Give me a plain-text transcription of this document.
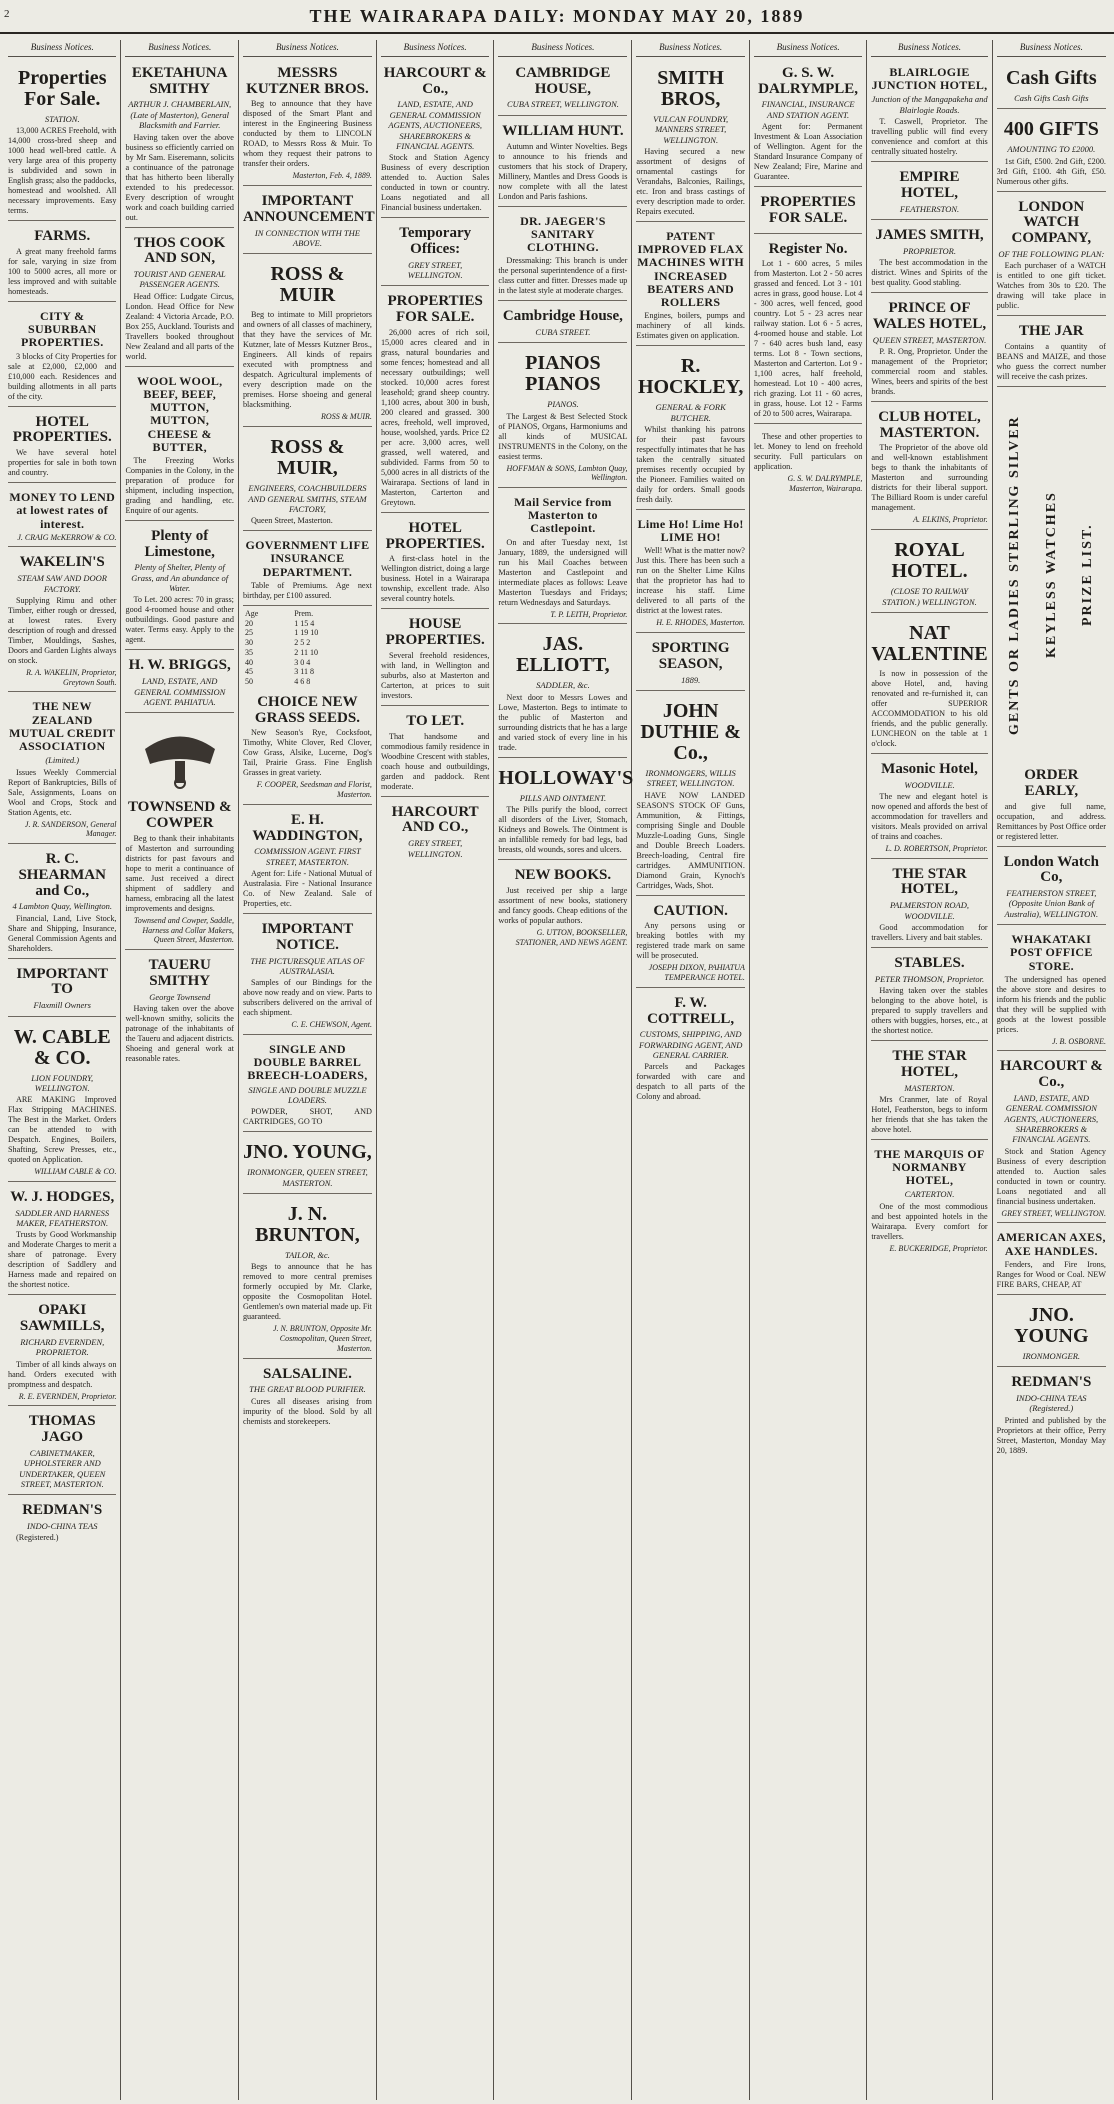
2	THE WAIRARAPA DAILY: MONDAY MAY 20, 1889
Business Notices.
Properties For Sale.
STATION.
13,000 ACRES Freehold, with 14,000 cross-bred sheep and 1000 head well-bred cattle. A very large area of this property is subdivided and sown in English grass; also the paddocks, homestead and woolshed. All necessary improvements. Easy terms.
FARMS.
A great many freehold farms for sale, varying in size from 100 to 5000 acres, all more or less improved and with suitable homesteads.
CITY & SUBURBAN PROPERTIES.
3 blocks of City Properties for sale at £2,000, £2,000 and £10,000 each. Residences and building allotments in all parts of the city.
HOTEL PROPERTIES.
We have several hotel properties for sale in both town and country.
MONEY TO LEND at lowest rates of interest.
J. CRAIG McKERROW & CO.
WAKELIN'S
STEAM SAW AND DOOR FACTORY.
Supplying Rimu and other Timber, either rough or dressed, at lowest rates. Every description of rough and dressed Timber, Mouldings, Sashes, Doors and Garden Lights always on stock.
R. A. WAKELIN, Proprietor, Greytown South.
THE NEW ZEALAND MUTUAL CREDIT ASSOCIATION
(Limited.)
Issues Weekly Commercial Report of Bankruptcies, Bills of Sale, Assignments, Loans on Wool and Crops, Stock and Station Agents, etc.
J. R. SANDERSON, General Manager.
R. C. SHEARMAN and Co.,
4 Lambton Quay, Wellington.
Financial, Land, Live Stock, Share and Shipping, Insurance, General Commission Agents and Shareholders.
IMPORTANT TO
Flaxmill Owners
W. CABLE & CO.
LION FOUNDRY, WELLINGTON.
ARE MAKING Improved Flax Stripping MACHINES. The Best in the Market. Orders can be attended to with Despatch. Engines, Boilers, Shafting, Screw Presses, etc., quoted on Application.
WILLIAM CABLE & CO.
W. J. HODGES,
SADDLER AND HARNESS MAKER, FEATHERSTON.
Trusts by Good Workmanship and Moderate Charges to merit a share of patronage. Every description of Saddlery and Harness made and repaired on the shortest notice.
OPAKI SAWMILLS,
RICHARD EVERNDEN, PROPRIETOR.
Timber of all kinds always on hand. Orders executed with promptness and despatch.
R. E. EVERNDEN, Proprietor.
THOMAS JAGO
CABINETMAKER, UPHOLSTERER AND UNDERTAKER, QUEEN STREET, MASTERTON.
REDMAN'S
INDO-CHINA TEAS
(Registered.)
Business Notices.
EKETAHUNA SMITHY
ARTHUR J. CHAMBERLAIN, (Late of Masterton), General Blacksmith and Farrier.
Having taken over the above business so efficiently carried on by Mr Sam. Eiseremann, solicits a continuance of the patronage that has hitherto been liberally extended to his predecessor. Every description of wrought work and coach building carried out.
THOS COOK AND SON,
TOURIST AND GENERAL PASSENGER AGENTS.
Head Office: Ludgate Circus, London. Head Office for New Zealand: 4 Victoria Arcade, P.O. Box 255, Auckland. Tourists and Travellers booked throughout New Zealand and all parts of the world.
WOOL WOOL, BEEF, BEEF, MUTTON, MUTTON, CHEESE & BUTTER,
The Freezing Works Companies in the Colony, in the preparation of produce for shipment, including inspection, grading and handling, etc. Enquire of our agents.
Plenty of Limestone,
Plenty of Shelter, Plenty of Grass, and An abundance of Water.
To Let. 200 acres: 70 in grass; good 4-roomed house and other outbuildings. Good pasture and water. Terms easy. Apply to the agent.
H. W. BRIGGS,
LAND, ESTATE, AND GENERAL COMMISSION AGENT. PAHIATUA.
TOWNSEND & COWPER
Beg to thank their inhabitants of Masterton and surrounding districts for past favours and hope to merit a continuance of same. Just received a direct shipment of saddlery and harness, embracing all the latest improvements and designs.
Townsend and Cowper, Saddle, Harness and Collar Makers, Queen Street, Masterton.
TAUERU SMITHY
George Townsend
Having taken over the above well-known smithy, solicits the patronage of the inhabitants of the Taueru and adjacent districts. Shoeing and general work at reasonable rates.
Business Notices.
MESSRS KUTZNER BROS.
Beg to announce that they have disposed of the Smart Plant and interest in the Engineering Business conducted by them to LINCOLN ROAD, to Messrs Ross & Muir. To whom they request their patrons to transfer their orders.
Masterton, Feb. 4, 1889.
IMPORTANT ANNOUNCEMENT
IN CONNECTION WITH THE ABOVE.
ROSS & MUIR
Beg to intimate to Mill proprietors and owners of all classes of machinery, that they have the services of Mr. Kutzner, late of Messrs Kutzner Bros., Engineers. All kinds of repairs executed with promptness and despatch. Agricultural implements of every description made on the premises. Horse shoeing and general blacksmithing.
ROSS & MUIR.
ROSS & MUIR,
ENGINEERS, COACHBUILDERS AND GENERAL SMITHS, STEAM FACTORY,
Queen Street, Masterton.
GOVERNMENT LIFE INSURANCE DEPARTMENT.
Table of Premiums. Age next birthday, per £100 assured.
Age	Prem.
20	1 15 4
25	1 19 10
30	2 5 2
35	2 11 10
40	3 0 4
45	3 11 8
50	4 6 8
CHOICE NEW GRASS SEEDS.
New Season's Rye, Cocksfoot, Timothy, White Clover, Red Clover, Cow Grass, Alsike, Lucerne, Dog's Tail, Prairie Grass. Fine English Grasses in great variety.
F. COOPER, Seedsman and Florist, Masterton.
E. H. WADDINGTON,
COMMISSION AGENT. FIRST STREET, MASTERTON.
Agent for: Life - National Mutual of Australasia. Fire - National Insurance Co. of New Zealand. Sale of Properties, etc.
IMPORTANT NOTICE.
THE PICTURESQUE ATLAS OF AUSTRALASIA.
Samples of our Bindings for the above now ready and on view. Parts to subscribers delivered on the arrival of each shipment.
C. E. CHEWSON, Agent.
SINGLE AND DOUBLE BARREL BREECH-LOADERS,
SINGLE AND DOUBLE MUZZLE LOADERS.
POWDER, SHOT, AND CARTRIDGES, GO TO
JNO. YOUNG,
IRONMONGER, QUEEN STREET, MASTERTON.
J. N. BRUNTON,
TAILOR, &c.
Begs to announce that he has removed to more central premises formerly occupied by Mr. Clarke, opposite the Cosmopolitan Hotel. Gentlemen's own material made up. Fit guaranteed.
J. N. BRUNTON, Opposite Mr. Cosmopolitan, Queen Street, Masterton.
SALSALINE.
THE GREAT BLOOD PURIFIER.
Cures all diseases arising from impurity of the blood. Sold by all chemists and storekeepers.
Business Notices.
HARCOURT & Co.,
LAND, ESTATE, AND GENERAL COMMISSION AGENTS, AUCTIONEERS, SHAREBROKERS & FINANCIAL AGENTS.
Stock and Station Agency Business of every description attended to. Auction Sales conducted in town or country. Loans negotiated and all Financial business undertaken.
Temporary Offices:
GREY STREET, WELLINGTON.
PROPERTIES FOR SALE.
26,000 acres of rich soil, 15,000 acres cleared and in grass, natural boundaries and some fences; homestead and all necessary outbuildings; well stocked. 10,000 acres forest leasehold; grand sheep country. 1,100 acres, about 300 in bush, 200 cleared and grassed. 300 acres, freehold, well improved, house, woolshed, yards. Price £2 per acre. 3,000 acres, well grassed, well watered, and subdivided. Farms from 50 to 5,000 acres in all districts of the Wairarapa. Sections of land in Masterton, Carterton and Greytown.
HOTEL PROPERTIES.
A first-class hotel in the Wellington district, doing a large business. Hotel in a Wairarapa township, excellent trade. Also several country hotels.
HOUSE PROPERTIES.
Several freehold residences, with land, in Wellington and suburbs, also at Masterton and Carterton, at prices to suit investors.
TO LET.
That handsome and commodious family residence in Woodbine Crescent with stables, coach house and outbuildings, garden and paddock. Rent moderate.
HARCOURT AND CO.,
GREY STREET, WELLINGTON.
Business Notices.
CAMBRIDGE HOUSE,
CUBA STREET, WELLINGTON.
WILLIAM HUNT.
Autumn and Winter Novelties. Begs to announce to his friends and customers that his stock of Drapery, Millinery, Mantles and Dress Goods is now complete with all the latest London and Paris fashions.
DR. JAEGER'S SANITARY CLOTHING.
Dressmaking: This branch is under the personal superintendence of a first-class cutter and fitter. Dresses made up in the latest style at moderate charges.
Cambridge House,
CUBA STREET.
PIANOS PIANOS
PIANOS.
The Largest & Best Selected Stock of PIANOS, Organs, Harmoniums and all kinds of MUSICAL INSTRUMENTS in the Colony, on the easiest terms.
HOFFMAN & SONS, Lambton Quay, Wellington.
Mail Service from Masterton to Castlepoint.
On and after Tuesday next, 1st January, 1889, the undersigned will run his Mail Coaches between Masterton and Castlepoint and intermediate places as follows: Leave Masterton Tuesdays and Fridays; return Wednesdays and Saturdays.
T. P. LEITH, Proprietor.
JAS. ELLIOTT,
SADDLER, &c.
Next door to Messrs Lowes and Lowe, Masterton. Begs to intimate to the public of Masterton and surrounding districts that he has a large and varied stock of every line in his trade.
HOLLOWAY'S
PILLS AND OINTMENT.
The Pills purify the blood, correct all disorders of the Liver, Stomach, Kidneys and Bowels. The Ointment is an infallible remedy for bad legs, bad breasts, old wounds, sores and ulcers.
NEW BOOKS.
Just received per ship a large assortment of new books, stationery and fancy goods. Cheap editions of the works of popular authors.
G. UTTON, BOOKSELLER, STATIONER, AND NEWS AGENT.
Business Notices.
SMITH BROS,
VULCAN FOUNDRY, MANNERS STREET, WELLINGTON.
Having secured a new assortment of designs of ornamental castings for Verandahs, Balconies, Railings, etc. Iron and brass castings of every description made to order. Repairs executed.
PATENT IMPROVED FLAX MACHINES WITH INCREASED BEATERS AND ROLLERS
Engines, boilers, pumps and machinery of all kinds. Estimates given on application.
R. HOCKLEY,
GENERAL & FORK BUTCHER.
Whilst thanking his patrons for their past favours respectfully intimates that he has taken the centrally situated premises recently occupied by the Pioneer. Families waited on daily for orders. Small goods fresh daily.
Lime Ho! Lime Ho! LIME HO!
Well! What is the matter now? Just this. There has been such a run on the Shelter Lime Kilns that the proprietor has had to increase his staff. Lime delivered to all parts of the district at the lowest rates.
H. E. RHODES, Masterton.
SPORTING SEASON,
1889.
JOHN DUTHIE & Co.,
IRONMONGERS, WILLIS STREET, WELLINGTON.
HAVE NOW LANDED SEASON'S STOCK OF Guns, Ammunition, & Fittings, comprising Single and Double Muzzle-Loading Guns, Single and Double Breech Loaders. Breech-loading, Central fire cartridges. AMMUNITION. Diamond Grain, Kynoch's Cartridges, Wads, Shot.
CAUTION.
Any persons using or breaking bottles with my registered trade mark on same will be prosecuted.
JOSEPH DIXON, PAHIATUA TEMPERANCE HOTEL.
F. W. COTTRELL,
CUSTOMS, SHIPPING, AND FORWARDING AGENT, AND GENERAL CARRIER.
Parcels and Packages forwarded with care and despatch to all parts of the Colony and abroad.
Business Notices.
G. S. W. DALRYMPLE,
FINANCIAL, INSURANCE AND STATION AGENT.
Agent for: Permanent Investment & Loan Association of Wellington. Agent for the Standard Insurance Company of New Zealand; Fire, Marine and Guarantee.
PROPERTIES FOR SALE.
Register No.
Lot 1 - 600 acres, 5 miles from Masterton. Lot 2 - 50 acres grassed and fenced. Lot 3 - 101 acres in grass, good house. Lot 4 - 300 acres, well fenced, good country. Lot 5 - 23 acres near railway station. Lot 6 - 5 acres, 4-roomed house and stable. Lot 7 - 640 acres bush land, easy terms. Lot 8 - Town sections, Masterton and Carterton. Lot 9 - 1,100 acres, half freehold, homestead. Lot 10 - 400 acres, rich grazing. Lot 11 - 60 acres, in grass, house. Lot 12 - Farms of 20 to 500 acres, Wairarapa.
These and other properties to let. Money to lend on freehold security. Full particulars on application.
G. S. W. DALRYMPLE, Masterton, Wairarapa.
Business Notices.
BLAIRLOGIE JUNCTION HOTEL,
Junction of the Mangapakeha and Blairlogie Roads.
T. Caswell, Proprietor. The travelling public will find every convenience and comfort at this centrally situated hostelry.
EMPIRE HOTEL,
FEATHERSTON.
JAMES SMITH,
PROPRIETOR.
The best accommodation in the district. Wines and Spirits of the best quality. Good stabling.
PRINCE OF WALES HOTEL,
QUEEN STREET, MASTERTON.
P. R. Ong, Proprietor. Under the management of the Proprietor; commercial room and stables. Wines, beers and spirits of the best brands.
CLUB HOTEL, MASTERTON.
The Proprietor of the above old and well-known establishment begs to thank the inhabitants of Masterton and surrounding districts for their liberal support. The Billiard Room is under careful management.
A. ELKINS, Proprietor.
ROYAL HOTEL.
(CLOSE TO RAILWAY STATION.) WELLINGTON.
NAT VALENTINE
Is now in possession of the above Hotel, and, having renovated and re-furnished it, can offer SUPERIOR ACCOMMODATION to his old friends, and the public generally. LUNCHEON on the table at 1 o'clock.
Masonic Hotel,
WOODVILLE.
The new and elegant hotel is now opened and affords the best of accommodation for travellers and visitors. Meals provided on arrival of trains and coaches.
L. D. ROBERTSON, Proprietor.
THE STAR HOTEL,
PALMERSTON ROAD, WOODVILLE.
Good accommodation for travellers. Livery and bait stables.
STABLES.
PETER THOMSON, Proprietor.
Having taken over the stables belonging to the above hotel, is prepared to supply travellers and others with buggies, horses, etc., at the shortest notice.
THE STAR HOTEL,
MASTERTON.
Mrs Cranmer, late of Royal Hotel, Featherston, begs to inform her friends that she has taken the above hotel.
THE MARQUIS OF NORMANBY HOTEL,
CARTERTON.
One of the most commodious and best appointed hotels in the Wairarapa. Every comfort for travellers.
E. BUCKERIDGE, Proprietor.
Business Notices.
Cash Gifts
Cash Gifts Cash Gifts
400 GIFTS
AMOUNTING TO £2000.
1st Gift, £500. 2nd Gift, £200. 3rd Gift, £100. 4th Gift, £50. Numerous other gifts.
LONDON WATCH COMPANY,
OF THE FOLLOWING PLAN:
Each purchaser of a WATCH is entitled to one gift ticket. Watches from 30s to £20. The drawing will take place in public.
THE JAR
Contains a quantity of BEANS and MAIZE, and those who guess the correct number will receive the cash prizes.
GENTS OR LADIES STERLING SILVER KEYLESS WATCHES PRIZE LIST.
ORDER EARLY,
and give full name, occupation, and address. Remittances by Post Office order or registered letter.
London Watch Co,
FEATHERSTON STREET, (Opposite Union Bank of Australia), WELLINGTON.
WHAKATAKI POST OFFICE STORE.
The undersigned has opened the above store and desires to inform his friends and the public that they will be supplied with goods at the lowest possible prices.
J. B. OSBORNE.
HARCOURT & Co.,
LAND, ESTATE, AND GENERAL COMMISSION AGENTS, AUCTIONEERS, SHAREBROKERS & FINANCIAL AGENTS.
Stock and Station Agency Business of every description attended to. Auction sales conducted in town or country. Loans negotiated and all financial business undertaken.
GREY STREET, WELLINGTON.
AMERICAN AXES, AXE HANDLES.
Fenders, and Fire Irons, Ranges for Wood or Coal. NEW FIRE BARS, CHEAP, AT
JNO. YOUNG
IRONMONGER.
REDMAN'S
INDO-CHINA TEAS (Registered.)
Printed and published by the Proprietors at their office, Perry Street, Masterton, Monday May 20, 1889.
